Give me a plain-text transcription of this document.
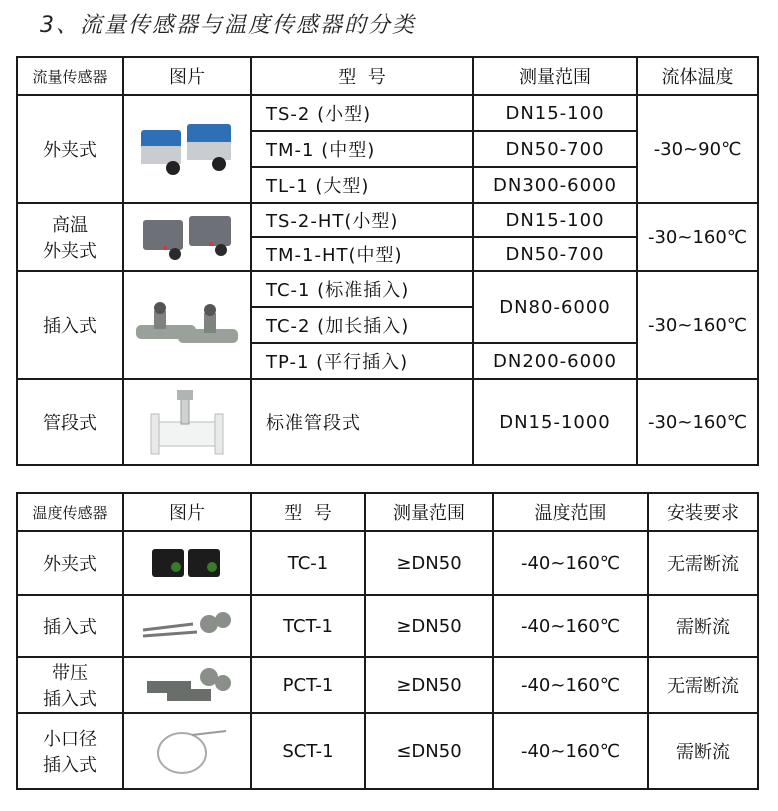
3、流量传感器与温度传感器的分类
流量传感器	图片	型  号	测量范围	流体温度
外夹式		TS-2 (小型)	DN15-100	-30~90℃
		TM-1 (中型)	DN50-700	
		TL-1 (大型)	DN300-6000	
高温
外夹式		TS-2-HT(小型)	DN15-100	-30~160℃
		TM-1-HT(中型)	DN50-700	
插入式		TC-1 (标准插入)	DN80-6000	-30~160℃
		TC-2 (加长插入)		
		TP-1 (平行插入)	DN200-6000	
管段式		标准管段式	DN15-1000	-30~160℃
温度传感器	图片	型  号	测量范围	温度范围	安装要求
外夹式		TC-1	≥DN50	-40~160℃	无需断流
插入式		TCT-1	≥DN50	-40~160℃	需断流
带压
插入式		PCT-1	≥DN50	-40~160℃	无需断流
小口径
插入式		SCT-1	≤DN50	-40~160℃	需断流
